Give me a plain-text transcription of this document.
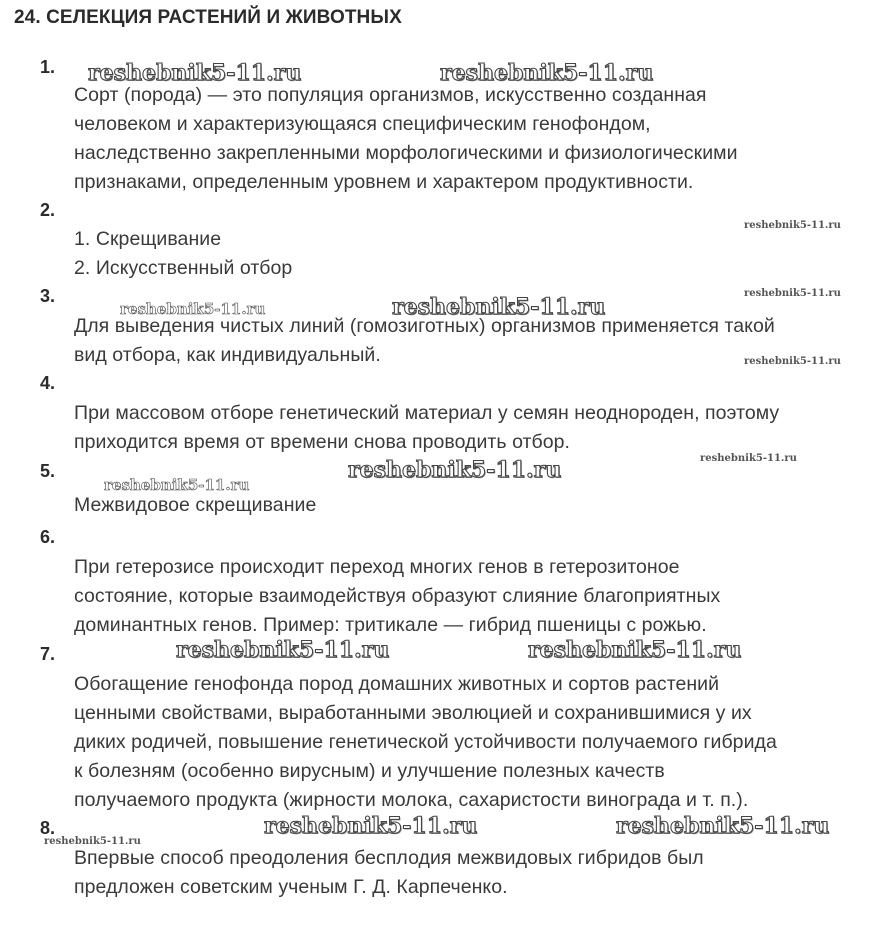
24. СЕЛЕКЦИЯ РАСТЕНИЙ И ЖИВОТНЫХ
1.
Сорт (порода) — это популяция организмов, искусственно созданная
человеком и характеризующаяся специфическим генофондом,
наследственно закрепленными морфологическими и физиологическими
признаками, определенным уровнем и характером продуктивности.
2.
1. Скрещивание
2. Искусственный отбор
3.
Для выведения чистых линий (гомозиготных) организмов применяется такой
вид отбора, как индивидуальный.
4.
При массовом отборе генетический материал у семян неоднороден, поэтому
приходится время от времени снова проводить отбор.
5.
Межвидовое скрещивание
6.
При гетерозисе происходит переход многих генов в гетерозитоное
состояние, которые взаимодействуя образуют слияние благоприятных
доминантных генов. Пример: тритикале — гибрид пшеницы с рожью.
7.
Обогащение генофонда пород домашних животных и сортов растений
ценными свойствами, выработанными эволюцией и сохранившимися у их
диких родичей, повышение генетической устойчивости получаемого гибрида
к болезням (особенно вирусным) и улучшение полезных качеств
получаемого продукта (жирности молока, сахаристости винограда и т. п.).
8.
Впервые способ преодоления бесплодия межвидовых гибридов был
предложен советским ученым Г. Д. Карпеченко.
reshebnik5-11.ru	reshebnik5-11.ru
reshebnik5-11.ru
reshebnik5-11.ru
reshebnik5-11.ru	reshebnik5-11.ru
reshebnik5-11.ru
reshebnik5-11.ru
reshebnik5-11.ru	reshebnik5-11.ru
reshebnik5-11.ru	reshebnik5-11.ru
reshebnik5-11.ru	reshebnik5-11.ru
reshebnik5-11.ru
